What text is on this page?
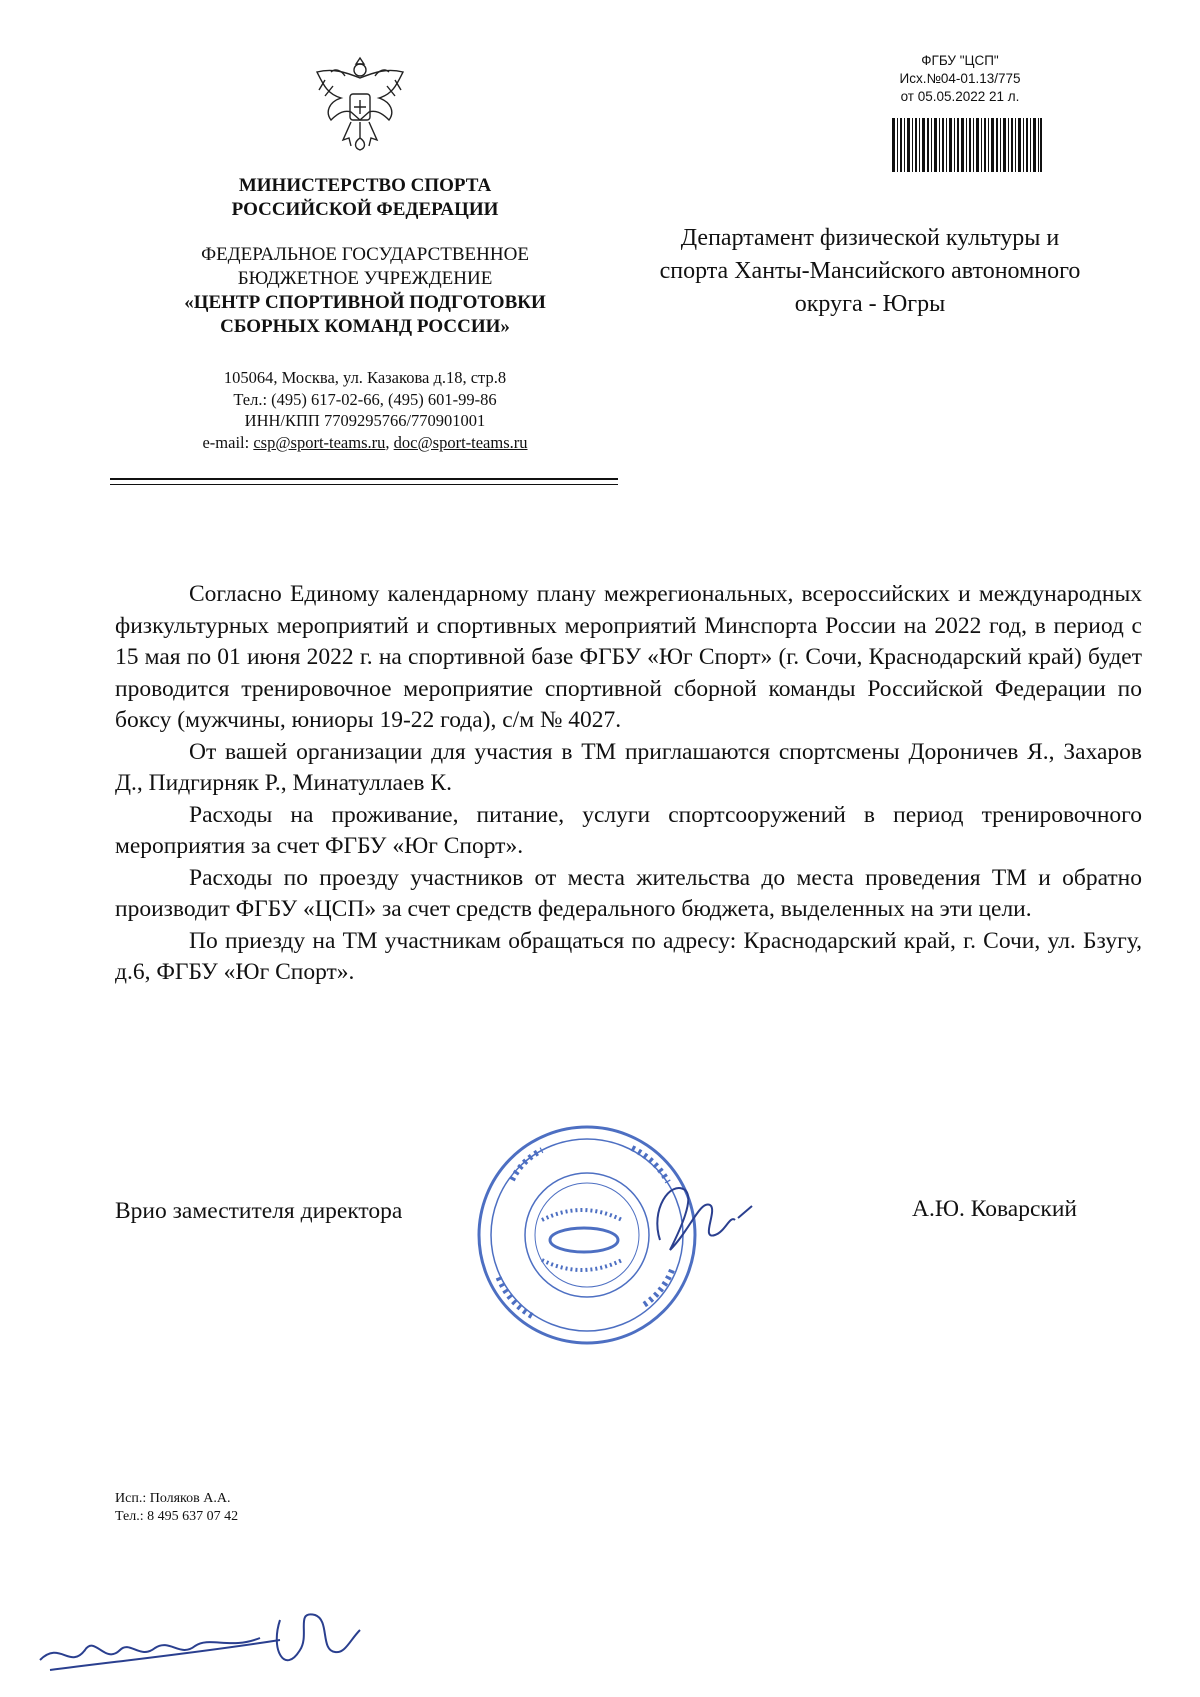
МИНИСТЕРСТВО СПОРТА
РОССИЙСКОЙ ФЕДЕРАЦИИ
ФЕДЕРАЛЬНОЕ ГОСУДАРСТВЕННОЕ
БЮДЖЕТНОЕ УЧРЕЖДЕНИЕ
«ЦЕНТР СПОРТИВНОЙ ПОДГОТОВКИ
СБОРНЫХ КОМАНД РОССИИ»
105064, Москва, ул. Казакова д.18, стр.8
Тел.: (495) 617-02-66, (495) 601-99-86
ИНН/КПП 7709295766/770901001
e-mail: csp@sport-teams.ru, doc@sport-teams.ru
ФГБУ "ЦСП"
Исх.№04-01.13/775
от 05.05.2022 21 л.
Департамент физической культуры и
спорта Ханты-Мансийского автономного
округа - Югры

Согласно Единому календарному плану межрегиональных, всероссийских и международных физкультурных мероприятий и спортивных мероприятий Минспорта России на 2022 год, в период с 15 мая по 01 июня 2022 г. на спортивной базе ФГБУ «Юг Спорт» (г. Сочи, Краснодарский край) будет проводится тренировочное мероприятие спортивной сборной команды Российской Федерации по боксу (мужчины, юниоры 19-22 года), с/м № 4027.

От вашей организации для участия в ТМ приглашаются спортсмены Дороничев Я., Захаров Д., Пидгирняк Р., Минатуллаев К.

Расходы на проживание, питание, услуги спортсооружений в период тренировочного мероприятия за счет ФГБУ «Юг Спорт».

Расходы по проезду участников от места жительства до места проведения ТМ и обратно производит ФГБУ «ЦСП» за счет средств федерального бюджета, выделенных на эти цели.

По приезду на ТМ участникам обращаться по адресу: Краснодарский край, г. Сочи, ул. Бзугу, д.6, ФГБУ «Юг Спорт».

Врио заместителя директора	А.Ю. Коварский
Исп.: Поляков А.А.
Тел.: 8 495 637 07 42
